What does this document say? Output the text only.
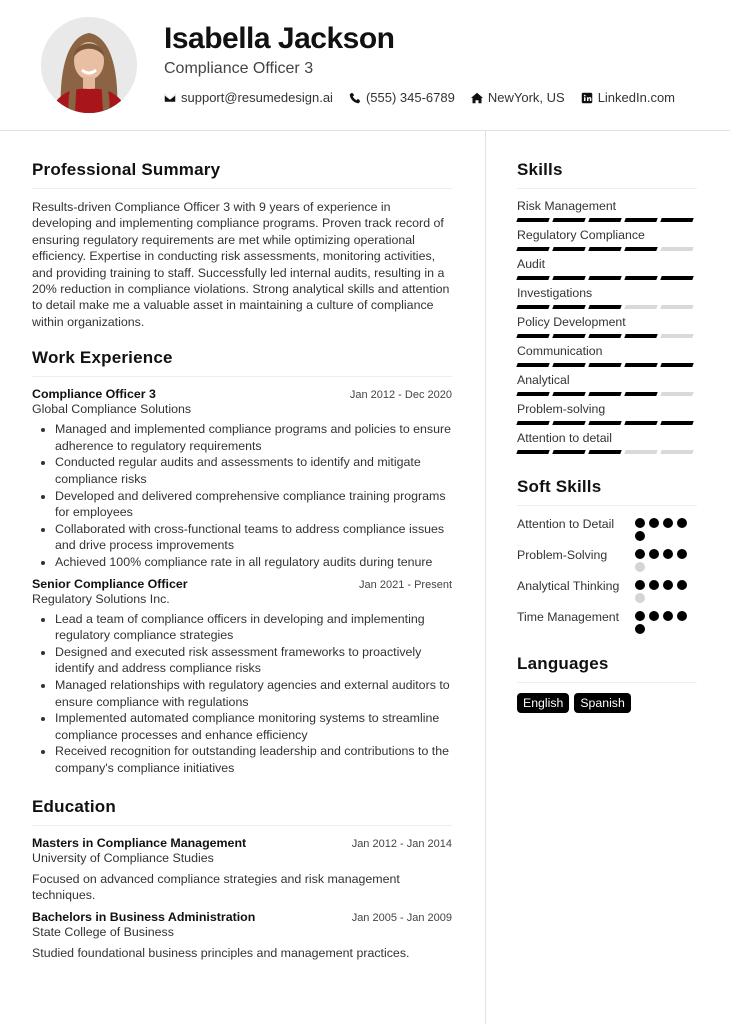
Isabella Jackson
Compliance Officer 3
support@resumedesign.ai	(555) 345-6789	NewYork, US	LinkedIn.com
Professional Summary

Results-driven Compliance Officer 3 with 9 years of experience in developing and implementing compliance programs. Proven track record of ensuring regulatory requirements are met while optimizing operational efficiency. Expertise in conducting risk assessments, monitoring activities, and providing training to staff. Successfully led internal audits, resulting in a 20% reduction in compliance violations. Strong analytical skills and attention to detail make me a valuable asset in maintaining a culture of compliance within organizations.

Work Experience
Compliance Officer 3	Jan 2012 - Dec 2020
Global Compliance Solutions
• Managed and implemented compliance programs and policies to ensure adherence to regulatory requirements
• Conducted regular audits and assessments to identify and mitigate compliance risks
• Developed and delivered comprehensive compliance training programs for employees
• Collaborated with cross-functional teams to address compliance issues and drive process improvements
• Achieved 100% compliance rate in all regulatory audits during tenure
Senior Compliance Officer	Jan 2021 - Present
Regulatory Solutions Inc.
• Lead a team of compliance officers in developing and implementing regulatory compliance strategies
• Designed and executed risk assessment frameworks to proactively identify and address compliance risks
• Managed relationships with regulatory agencies and external auditors to ensure compliance with regulations
• Implemented automated compliance monitoring systems to streamline compliance processes and enhance efficiency
• Received recognition for outstanding leadership and contributions to the company's compliance initiatives
Education
Masters in Compliance Management	Jan 2012 - Jan 2014
University of Compliance Studies
Focused on advanced compliance strategies and risk management techniques.
Bachelors in Business Administration	Jan 2005 - Jan 2009
State College of Business
Studied foundational business principles and management practices.
Skills
Risk Management
Regulatory Compliance
Audit
Investigations
Policy Development
Communication
Analytical
Problem-solving
Attention to detail
Soft Skills
Attention to Detail
Problem-Solving
Analytical Thinking
Time Management
Languages
English	Spanish
